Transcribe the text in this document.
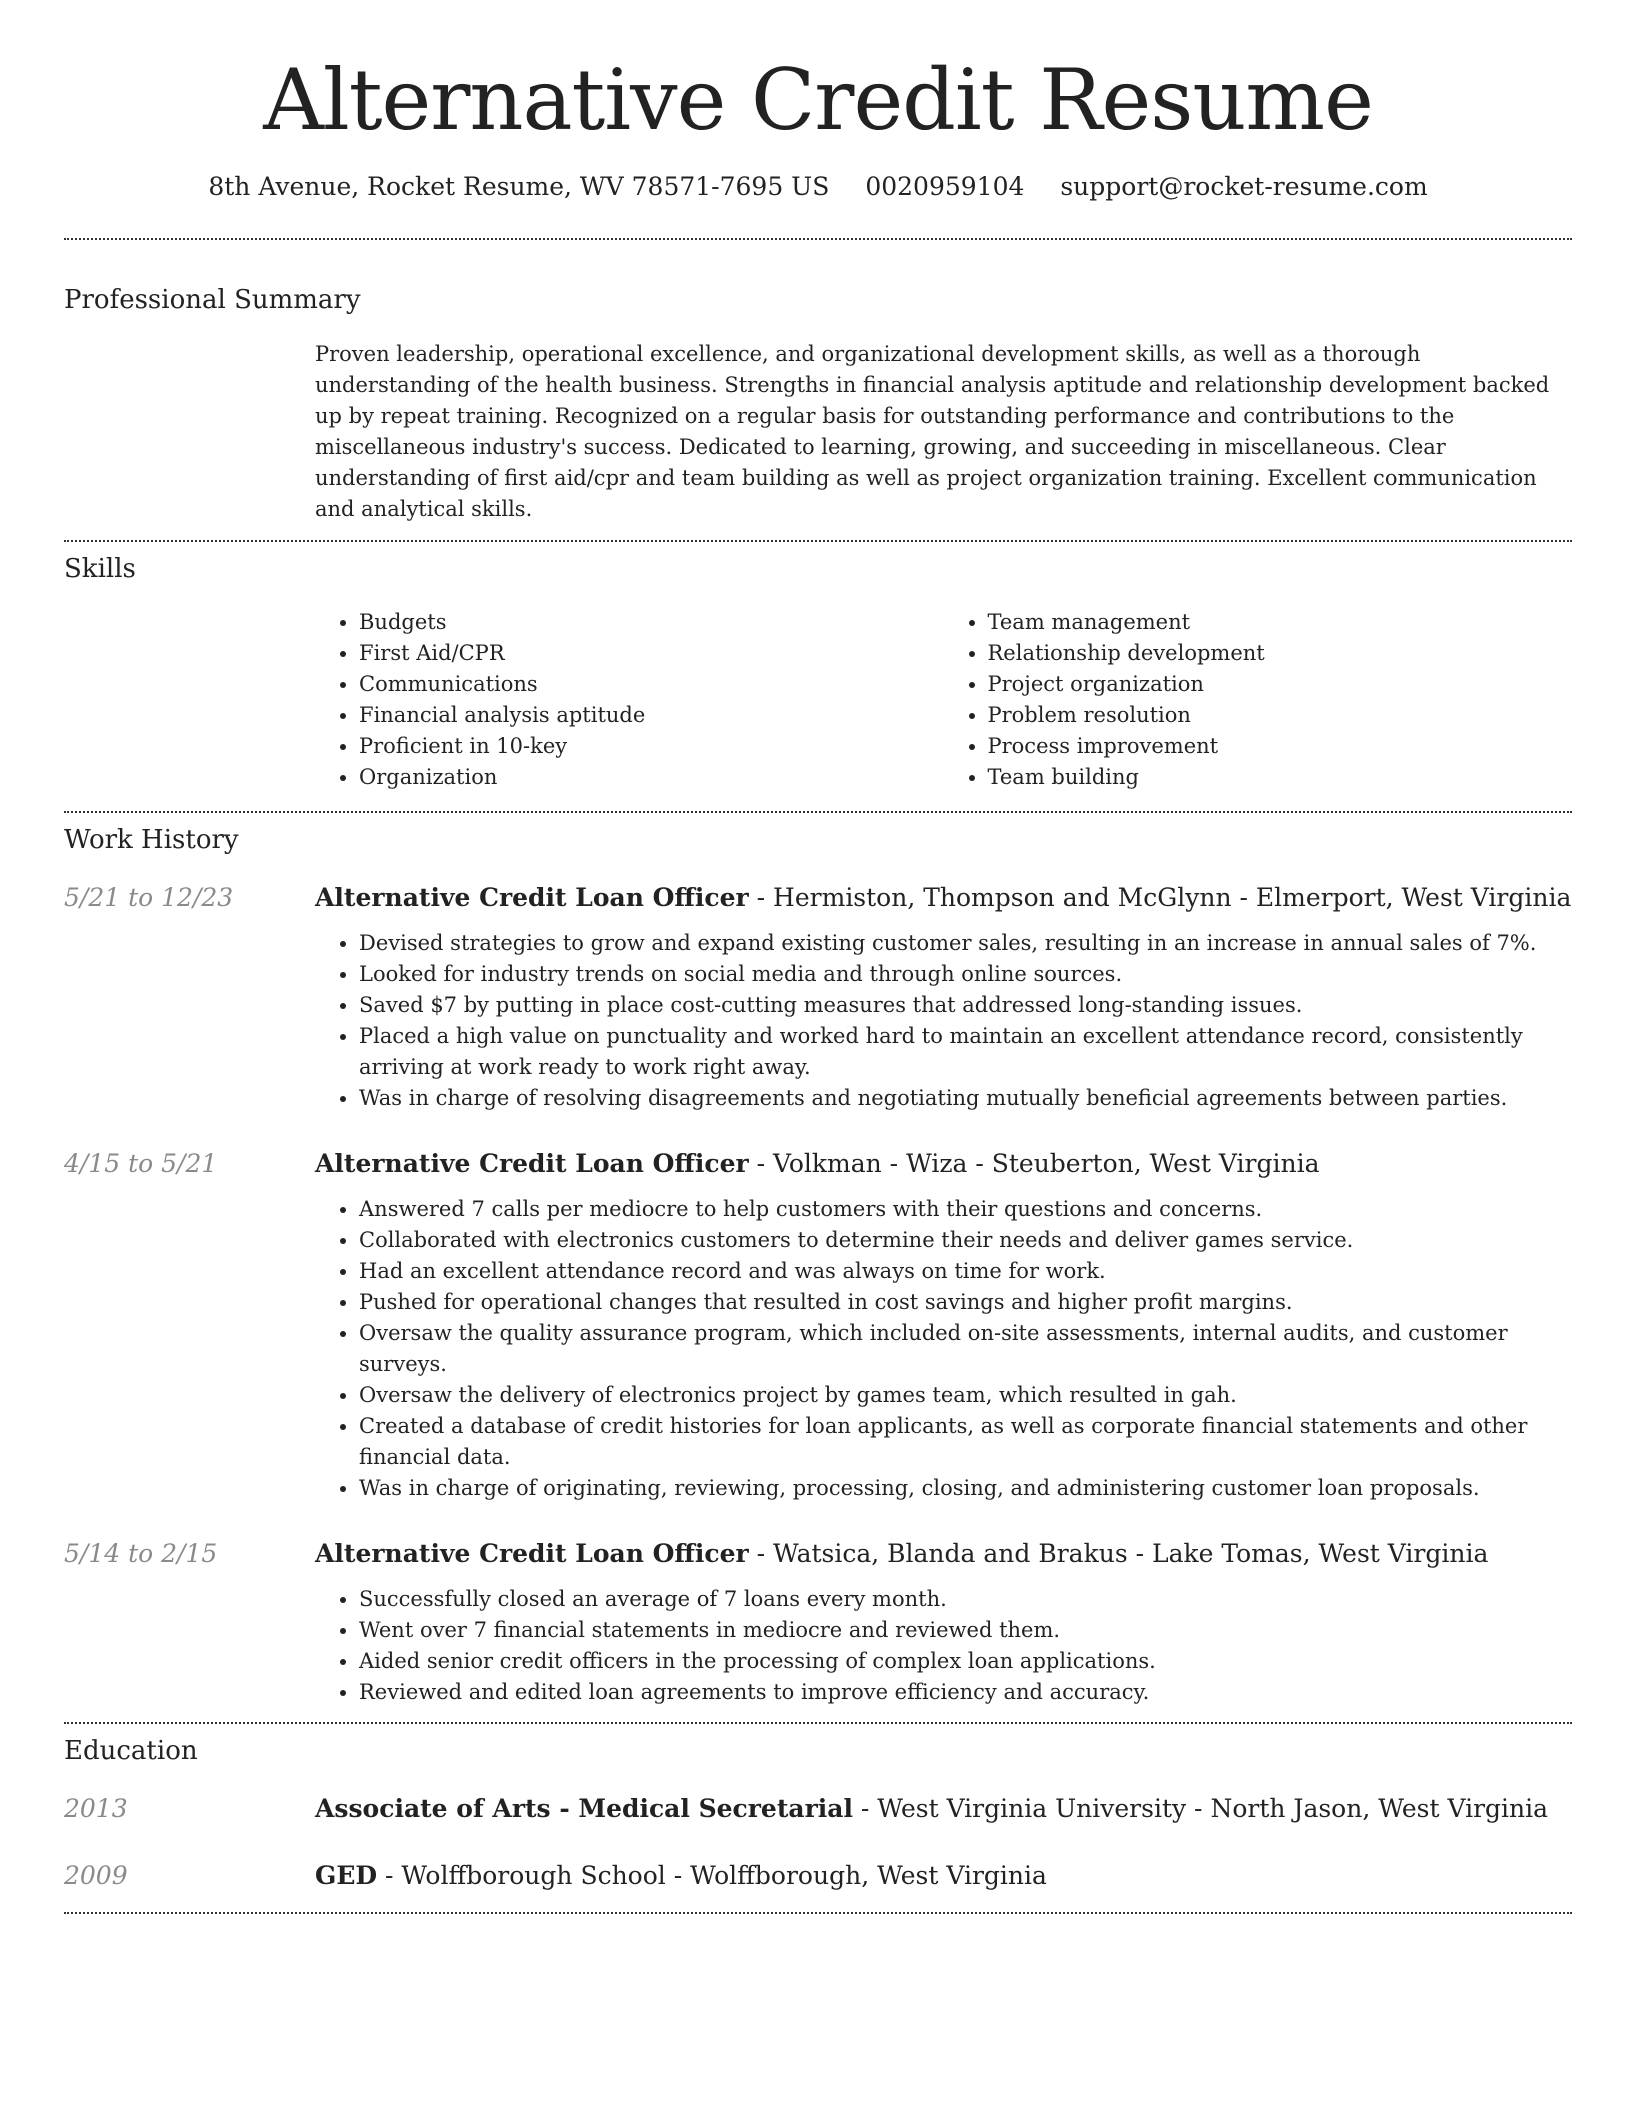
Alternative Credit Resume
8th Avenue, Rocket Resume, WV 78571-7695 US 0020959104 support@rocket-resume.com
Professional Summary

Proven leadership, operational excellence, and organizational development skills, as well as a thorough understanding of the health business. Strengths in financial analysis aptitude and relationship development backed up by repeat training. Recognized on a regular basis for outstanding performance and contributions to the miscellaneous industry's success. Dedicated to learning, growing, and succeeding in miscellaneous. Clear understanding of first aid/cpr and team building as well as project organization training. Excellent communication and analytical skills.

Skills
• Budgets
• First Aid/CPR
• Communications
• Financial analysis aptitude
• Proficient in 10-key
• Organization
• Team management
• Relationship development
• Project organization
• Problem resolution
• Process improvement
• Team building
Work History
5/21 to 12/23	Alternative Credit Loan Officer - Hermiston, Thompson and McGlynn - Elmerport, West Virginia

• Devised strategies to grow and expand existing customer sales, resulting in an increase in annual sales of 7%.
• Looked for industry trends on social media and through online sources.
• Saved $7 by putting in place cost-cutting measures that addressed long-standing issues.
• Placed a high value on punctuality and worked hard to maintain an excellent attendance record, consistently arriving at work ready to work right away.
• Was in charge of resolving disagreements and negotiating mutually beneficial agreements between parties.
4/15 to 5/21	Alternative Credit Loan Officer - Volkman - Wiza - Steuberton, West Virginia

• Answered 7 calls per mediocre to help customers with their questions and concerns.
• Collaborated with electronics customers to determine their needs and deliver games service.
• Had an excellent attendance record and was always on time for work.
• Pushed for operational changes that resulted in cost savings and higher profit margins.
• Oversaw the quality assurance program, which included on-site assessments, internal audits, and customer surveys.
• Oversaw the delivery of electronics project by games team, which resulted in gah.
• Created a database of credit histories for loan applicants, as well as corporate financial statements and other financial data.
• Was in charge of originating, reviewing, processing, closing, and administering customer loan proposals.
5/14 to 2/15	Alternative Credit Loan Officer - Watsica, Blanda and Brakus - Lake Tomas, West Virginia

• Successfully closed an average of 7 loans every month.
• Went over 7 financial statements in mediocre and reviewed them.
• Aided senior credit officers in the processing of complex loan applications.
• Reviewed and edited loan agreements to improve efficiency and accuracy.
Education
2013	Associate of Arts - Medical Secretarial - West Virginia University - North Jason, West Virginia

2009	GED - Wolffborough School - Wolffborough, West Virginia
